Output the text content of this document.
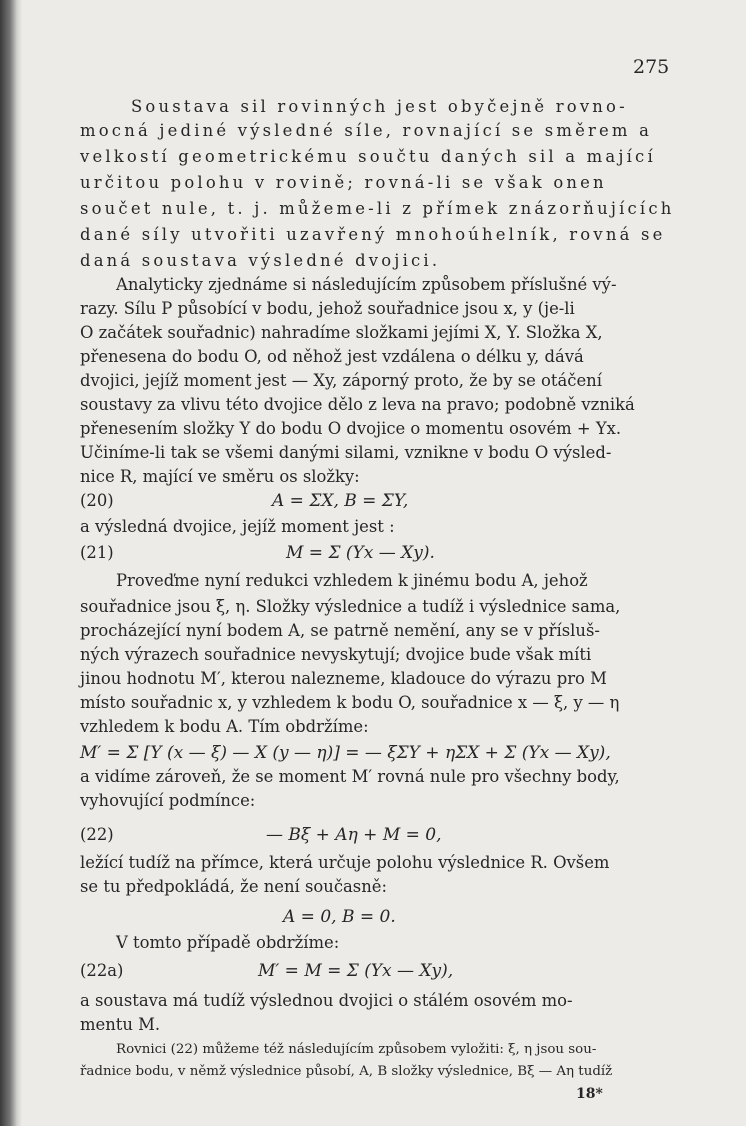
275
Soustava sil rovinných jest obyčejně rovno-
mocná jediné výsledné síle, rovnající se směrem a
velkostí geometrickému součtu daných sil a mající
určitou polohu v rovině; rovná-li se však onen
součet nule, t. j. můžeme-li z přímek znázorňujících
dané síly utvořiti uzavřený mnohoúhelník, rovná se
daná soustava výsledné dvojici.
Analyticky zjednáme si následujícím způsobem příslušné vý-
razy. Sílu P působící v bodu, jehož souřadnice jsou x, y (je-li
O začátek souřadnic) nahradíme složkami jejími X, Y. Složka X,
přenesena do bodu O, od něhož jest vzdálena o délku y, dává
dvojici, jejíž moment jest — Xy, záporný proto, že by se otáčení
soustavy za vlivu této dvojice dělo z leva na pravo; podobně vzniká
přenesením složky Y do bodu O dvojice o momentu osovém + Yx.
Učiníme-li tak se všemi danými silami, vznikne v bodu O výsled-
nice R, mající ve směru os složky:
(20)	A = ΣX, B = ΣY,
a výsledná dvojice, jejíž moment jest :
(21)	M = Σ (Yx — Xy).
Proveďme nyní redukci vzhledem k jinému bodu A, jehož
souřadnice jsou ξ, η. Složky výslednice a tudíž i výslednice sama,
procházející nyní bodem A, se patrně nemění, any se v přísluš-
ných výrazech souřadnice nevyskytují; dvojice bude však míti
jinou hodnotu M′, kterou nalezneme, kladouce do výrazu pro M
místo souřadnic x, y vzhledem k bodu O, souřadnice x — ξ, y — η
vzhledem k bodu A. Tím obdržíme:
M′ = Σ [Y (x — ξ) — X (y — η)] = — ξΣY + ηΣX + Σ (Yx — Xy),
a vidíme zároveň, že se moment M′ rovná nule pro všechny body,
vyhovující podmínce:
(22)	— Bξ + Aη + M = 0,
ležící tudíž na přímce, která určuje polohu výslednice R. Ovšem
se tu předpokládá, že není současně:
A = 0, B = 0.
V tomto případě obdržíme:
(22a)	M′ = M = Σ (Yx — Xy),
a soustava má tudíž výslednou dvojici o stálém osovém mo-
mentu M.
Rovnici (22) můžeme též následujícím způsobem vyložiti: ξ, η jsou sou-
řadnice bodu, v němž výslednice působí, A, B složky výslednice, Bξ — Aη tudíž
18*
